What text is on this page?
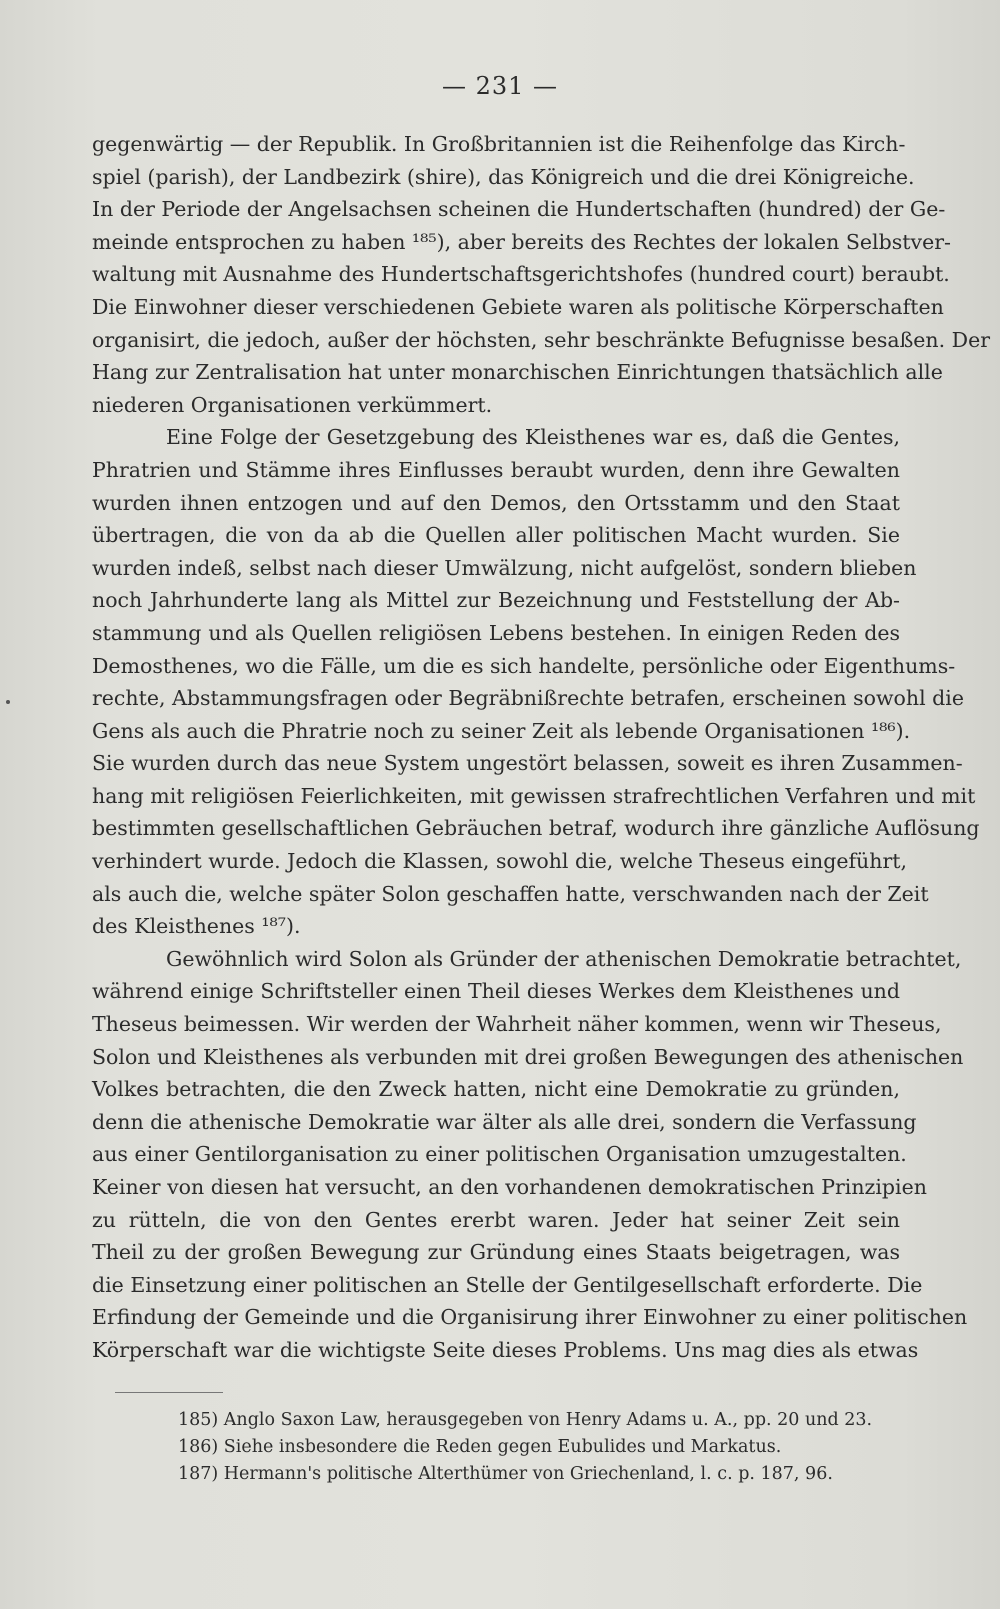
— 231 —
gegenwärtig — der Republik. In Großbritannien ist die Reihenfolge das Kirch-
spiel (parish), der Landbezirk (shire), das Königreich und die drei Königreiche.
In der Periode der Angelsachsen scheinen die Hundertschaften (hundred) der Ge-
meinde entsprochen zu haben ¹⁸⁵), aber bereits des Rechtes der lokalen Selbstver-
waltung mit Ausnahme des Hundertschaftsgerichtshofes (hundred court) beraubt.
Die Einwohner dieser verschiedenen Gebiete waren als politische Körperschaften
organisirt, die jedoch, außer der höchsten, sehr beschränkte Befugnisse besaßen. Der
Hang zur Zentralisation hat unter monarchischen Einrichtungen thatsächlich alle
niederen Organisationen verkümmert.
Eine Folge der Gesetzgebung des Kleisthenes war es, daß die Gentes,
Phratrien und Stämme ihres Einflusses beraubt wurden, denn ihre Gewalten
wurden ihnen entzogen und auf den Demos, den Ortsstamm und den Staat
übertragen, die von da ab die Quellen aller politischen Macht wurden. Sie
wurden indeß, selbst nach dieser Umwälzung, nicht aufgelöst, sondern blieben
noch Jahrhunderte lang als Mittel zur Bezeichnung und Feststellung der Ab-
stammung und als Quellen religiösen Lebens bestehen. In einigen Reden des
Demosthenes, wo die Fälle, um die es sich handelte, persönliche oder Eigenthums-
rechte, Abstammungsfragen oder Begräbnißrechte betrafen, erscheinen sowohl die
Gens als auch die Phratrie noch zu seiner Zeit als lebende Organisationen ¹⁸⁶).
Sie wurden durch das neue System ungestört belassen, soweit es ihren Zusammen-
hang mit religiösen Feierlichkeiten, mit gewissen strafrechtlichen Verfahren und mit
bestimmten gesellschaftlichen Gebräuchen betraf, wodurch ihre gänzliche Auflösung
verhindert wurde. Jedoch die Klassen, sowohl die, welche Theseus eingeführt,
als auch die, welche später Solon geschaffen hatte, verschwanden nach der Zeit
des Kleisthenes ¹⁸⁷).
Gewöhnlich wird Solon als Gründer der athenischen Demokratie betrachtet,
während einige Schriftsteller einen Theil dieses Werkes dem Kleisthenes und
Theseus beimessen. Wir werden der Wahrheit näher kommen, wenn wir Theseus,
Solon und Kleisthenes als verbunden mit drei großen Bewegungen des athenischen
Volkes betrachten, die den Zweck hatten, nicht eine Demokratie zu gründen,
denn die athenische Demokratie war älter als alle drei, sondern die Verfassung
aus einer Gentilorganisation zu einer politischen Organisation umzugestalten.
Keiner von diesen hat versucht, an den vorhandenen demokratischen Prinzipien
zu rütteln, die von den Gentes ererbt waren. Jeder hat seiner Zeit sein
Theil zu der großen Bewegung zur Gründung eines Staats beigetragen, was
die Einsetzung einer politischen an Stelle der Gentilgesellschaft erforderte. Die
Erfindung der Gemeinde und die Organisirung ihrer Einwohner zu einer politischen
Körperschaft war die wichtigste Seite dieses Problems. Uns mag dies als etwas
185) Anglo Saxon Law, herausgegeben von Henry Adams u. A., pp. 20 und 23.
186) Siehe insbesondere die Reden gegen Eubulides und Markatus.
187) Hermann's politische Alterthümer von Griechenland, l. c. p. 187, 96.
